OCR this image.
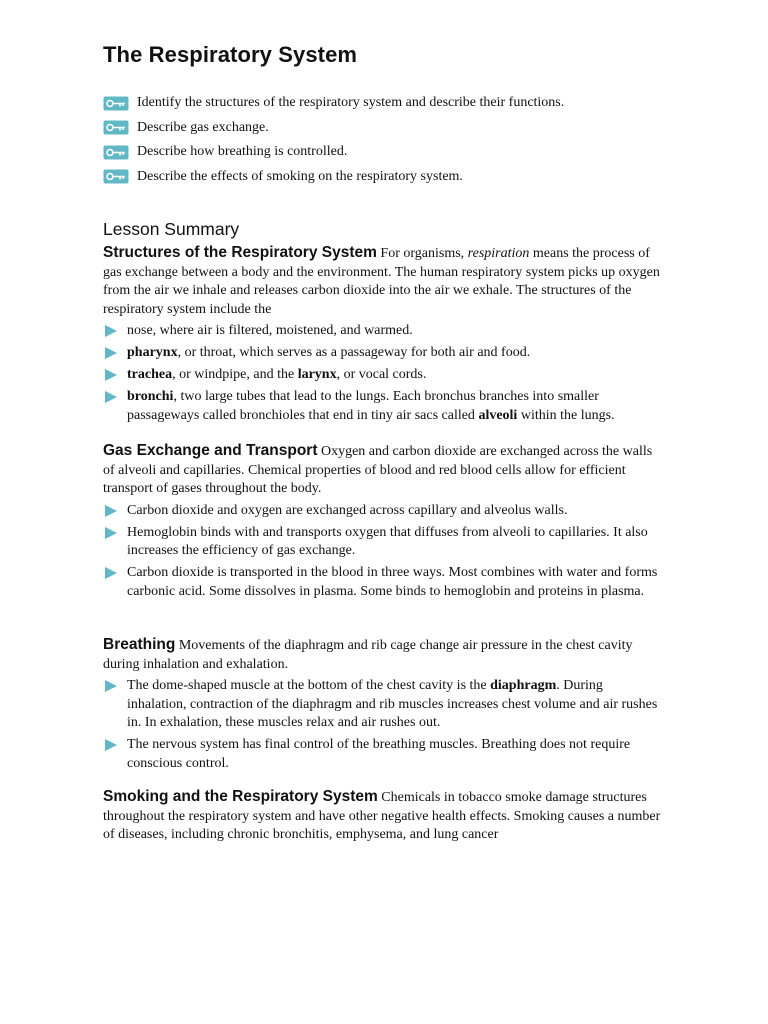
The Respiratory System
Identify the structures of the respiratory system and describe their functions.
Describe gas exchange.
Describe how breathing is controlled.
Describe the effects of smoking on the respiratory system.
Lesson Summary

Structures of the Respiratory System For organisms, respiration means the process of gas exchange between a body and the environment. The human respiratory system picks up oxygen from the air we inhale and releases carbon dioxide into the air we exhale. The structures of the respiratory system include the

nose, where air is filtered, moistened, and warmed.
pharynx, or throat, which serves as a passageway for both air and food.
trachea, or windpipe, and the larynx, or vocal cords.
bronchi, two large tubes that lead to the lungs. Each bronchus branches into smaller passageways called bronchioles that end in tiny air sacs called alveoli within the lungs.

Gas Exchange and Transport Oxygen and carbon dioxide are exchanged across the walls of alveoli and capillaries. Chemical properties of blood and red blood cells allow for efficient transport of gases throughout the body.

Carbon dioxide and oxygen are exchanged across capillary and alveolus walls.
Hemoglobin binds with and transports oxygen that diffuses from alveoli to capillaries. It also increases the efficiency of gas exchange.
Carbon dioxide is transported in the blood in three ways. Most combines with water and forms carbonic acid. Some dissolves in plasma. Some binds to hemoglobin and proteins in plasma.

Breathing Movements of the diaphragm and rib cage change air pressure in the chest cavity during inhalation and exhalation.

The dome-shaped muscle at the bottom of the chest cavity is the diaphragm. During inhalation, contraction of the diaphragm and rib muscles increases chest volume and air rushes in. In exhalation, these muscles relax and air rushes out.
The nervous system has final control of the breathing muscles. Breathing does not require conscious control.

Smoking and the Respiratory System Chemicals in tobacco smoke damage structures throughout the respiratory system and have other negative health effects. Smoking causes a number of diseases, including chronic bronchitis, emphysema, and lung cancer
